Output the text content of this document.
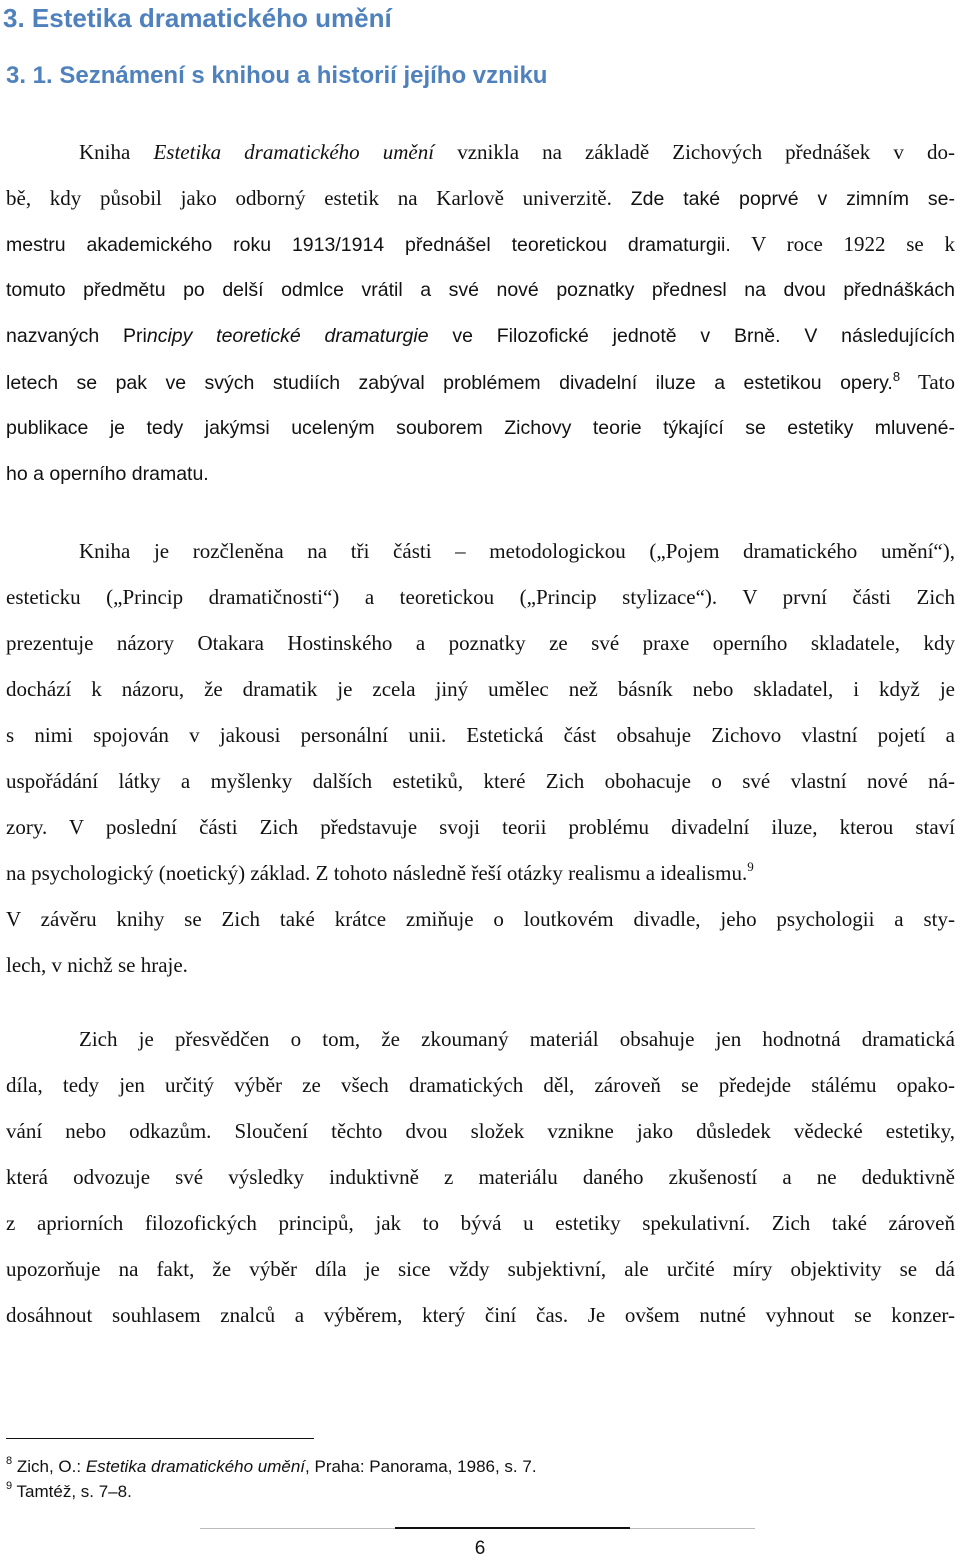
3. Estetika dramatického umění
3. 1. Seznámení s knihou a historií jejího vzniku
Kniha Estetika dramatického umění vznikla na základě Zichových přednášek v do-
bě, kdy působil jako odborný estetik na Karlově univerzitě. Zde také poprvé v zimním se-
mestru akademického roku 1913/1914 přednášel teoretickou dramaturgii. V roce 1922 se k
tomuto předmětu po delší odmlce vrátil a své nové poznatky přednesl na dvou přednáškách
nazvaných Principy teoretické dramaturgie ve Filozofické jednotě v Brně. V následujících
letech se pak ve svých studiích zabýval problémem divadelní iluze a estetikou opery.$^8$ Tato
publikace je tedy jakýmsi uceleným souborem Zichovy teorie týkající se estetiky mluvené-
ho a operního dramatu.
Kniha je rozčleněna na tři části – metodologickou („Pojem dramatického umění“),
esteticku („Princip dramatičnosti“) a teoretickou („Princip stylizace“). V první části Zich
prezentuje názory Otakara Hostinského a poznatky ze své praxe operního skladatele, kdy
dochází k názoru, že dramatik je zcela jiný umělec než básník nebo skladatel, i když je
s nimi spojován v jakousi personální unii. Estetická část obsahuje Zichovo vlastní pojetí a
uspořádání látky a myšlenky dalších estetiků, které Zich obohacuje o své vlastní nové ná-
zory. V poslední části Zich představuje svoji teorii problému divadelní iluze, kterou staví
na psychologický (noetický) základ. Z tohoto následně řeší otázky realismu a idealismu.$^9$
V závěru knihy se Zich také krátce zmiňuje o loutkovém divadle, jeho psychologii a sty-
lech, v nichž se hraje.
Zich je přesvědčen o tom, že zkoumaný materiál obsahuje jen hodnotná dramatická
díla, tedy jen určitý výběr ze všech dramatických děl, zároveň se předejde stálému opako-
vání nebo odkazům. Sloučení těchto dvou složek vznikne jako důsledek vědecké estetiky,
která odvozuje své výsledky induktivně z materiálu daného zkušeností a ne deduktivně
z apriorních filozofických principů, jak to bývá u estetiky spekulativní. Zich také zároveň
upozorňuje na fakt, že výběr díla je sice vždy subjektivní, ale určité míry objektivity se dá
dosáhnout souhlasem znalců a výběrem, který činí čas. Je ovšem nutné vyhnout se konzer-
$^8$ Zich, O.: Estetika dramatického umění, Praha: Panorama, 1986, s. 7.
$^9$ Tamtéž, s. 7–8.
6
